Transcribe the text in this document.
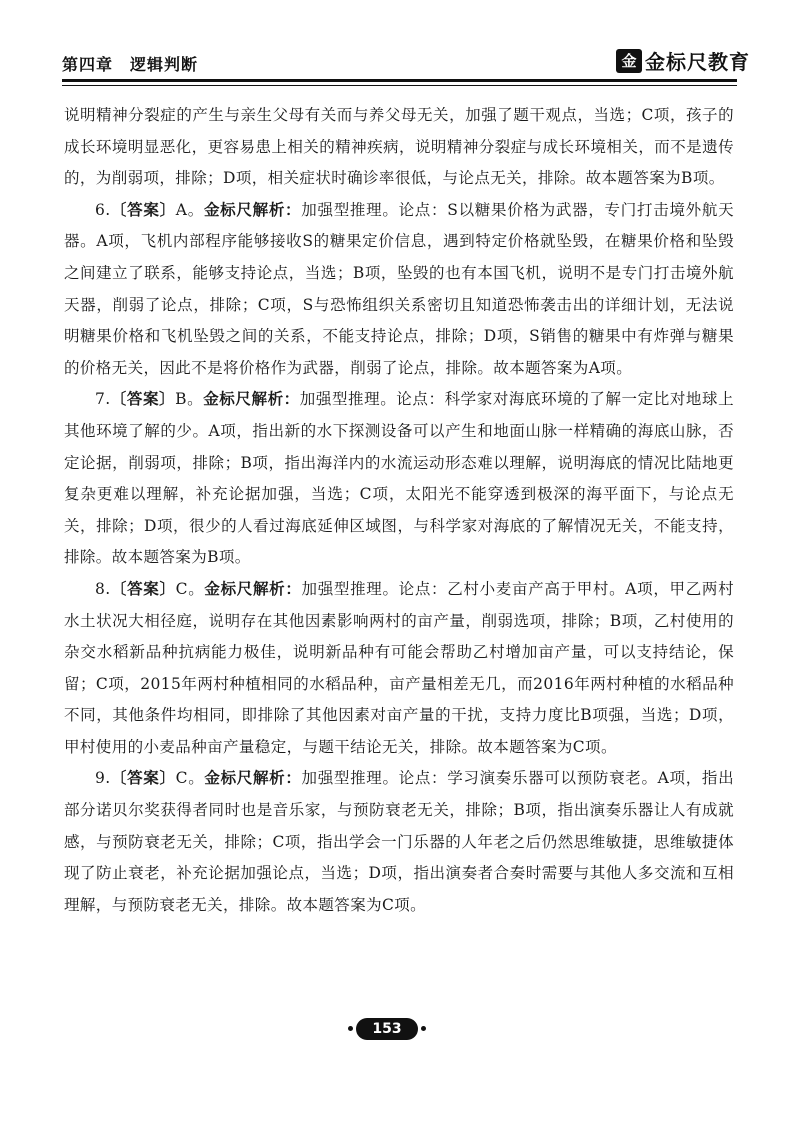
第四章　逻辑判断	金 金标尺教育

说明精神分裂症的产生与亲生父母有关而与养父母无关，加强了题干观点，当选；C项，孩子的成长环境明显恶化，更容易患上相关的精神疾病，说明精神分裂症与成长环境相关，而不是遗传的，为削弱项，排除；D项，相关症状时确诊率很低，与论点无关，排除。故本题答案为B项。

6.〔答案〕A。金标尺解析：加强型推理。论点：S以糖果价格为武器，专门打击境外航天器。A项，飞机内部程序能够接收S的糖果定价信息，遇到特定价格就坠毁，在糖果价格和坠毁之间建立了联系，能够支持论点，当选；B项，坠毁的也有本国飞机，说明不是专门打击境外航天器，削弱了论点，排除；C项，S与恐怖组织关系密切且知道恐怖袭击出的详细计划，无法说明糖果价格和飞机坠毁之间的关系，不能支持论点，排除；D项，S销售的糖果中有炸弹与糖果的价格无关，因此不是将价格作为武器，削弱了论点，排除。故本题答案为A项。

7.〔答案〕B。金标尺解析：加强型推理。论点：科学家对海底环境的了解一定比对地球上其他环境了解的少。A项，指出新的水下探测设备可以产生和地面山脉一样精确的海底山脉，否定论据，削弱项，排除；B项，指出海洋内的水流运动形态难以理解，说明海底的情况比陆地更复杂更难以理解，补充论据加强，当选；C项，太阳光不能穿透到极深的海平面下，与论点无关，排除；D项，很少的人看过海底延伸区域图，与科学家对海底的了解情况无关，不能支持，排除。故本题答案为B项。

8.〔答案〕C。金标尺解析：加强型推理。论点：乙村小麦亩产高于甲村。A项，甲乙两村水土状况大相径庭，说明存在其他因素影响两村的亩产量，削弱选项，排除；B项，乙村使用的杂交水稻新品种抗病能力极佳，说明新品种有可能会帮助乙村增加亩产量，可以支持结论，保留；C项，2015年两村种植相同的水稻品种，亩产量相差无几，而2016年两村种植的水稻品种不同，其他条件均相同，即排除了其他因素对亩产量的干扰，支持力度比B项强，当选；D项，甲村使用的小麦品种亩产量稳定，与题干结论无关，排除。故本题答案为C项。

9.〔答案〕C。金标尺解析：加强型推理。论点：学习演奏乐器可以预防衰老。A项，指出部分诺贝尔奖获得者同时也是音乐家，与预防衰老无关，排除；B项，指出演奏乐器让人有成就感，与预防衰老无关，排除；C项，指出学会一门乐器的人年老之后仍然思维敏捷，思维敏捷体现了防止衰老，补充论据加强论点，当选；D项，指出演奏者合奏时需要与其他人多交流和互相理解，与预防衰老无关，排除。故本题答案为C项。

153
